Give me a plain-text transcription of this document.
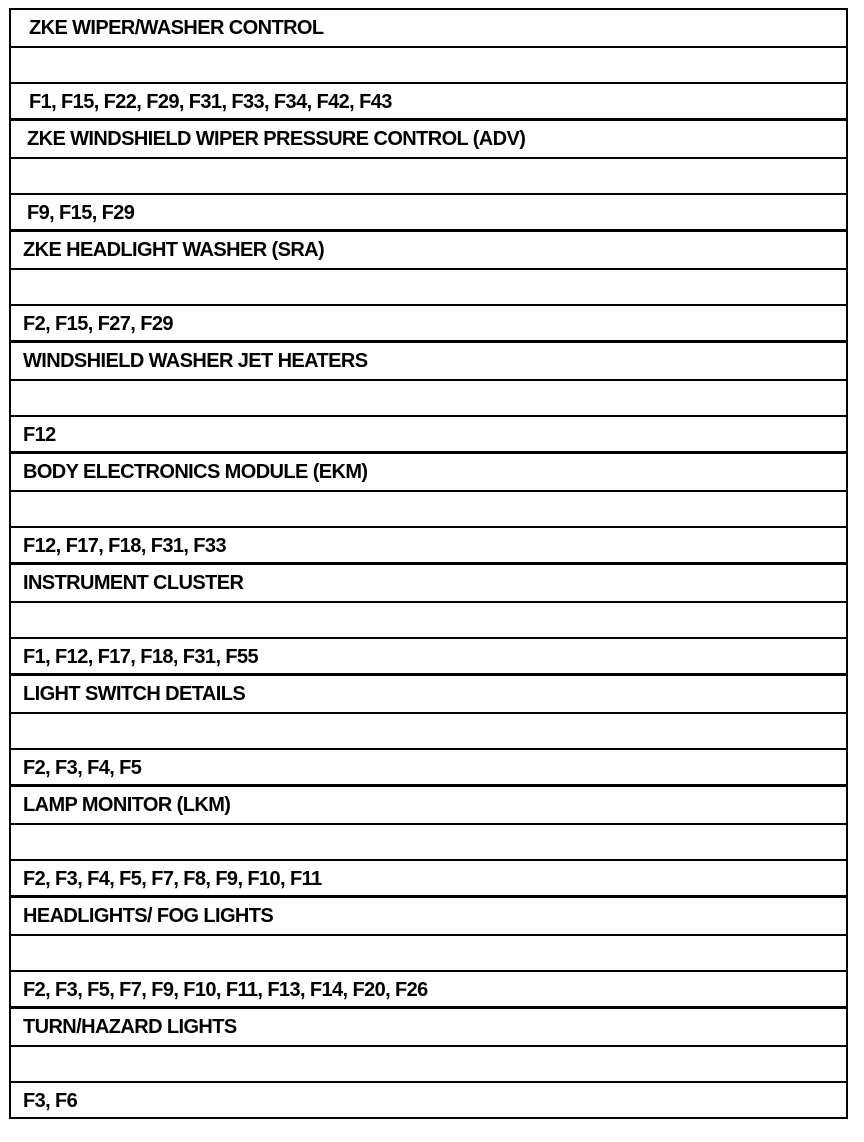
ZKE WIPER/WASHER CONTROL
F1, F15, F22, F29, F31, F33, F34, F42, F43
ZKE WINDSHIELD WIPER PRESSURE CONTROL (ADV)
F9, F15, F29
ZKE HEADLIGHT WASHER (SRA)
F2, F15, F27, F29
WINDSHIELD WASHER JET HEATERS
F12
BODY ELECTRONICS MODULE (EKM)
F12, F17, F18, F31, F33
INSTRUMENT CLUSTER
F1, F12, F17, F18, F31, F55
LIGHT SWITCH DETAILS
F2, F3, F4, F5
LAMP MONITOR (LKM)
F2, F3, F4, F5, F7, F8, F9, F10, F11
HEADLIGHTS/ FOG LIGHTS
F2, F3, F5, F7, F9, F10, F11, F13, F14, F20, F26
TURN/HAZARD LIGHTS
F3, F6
